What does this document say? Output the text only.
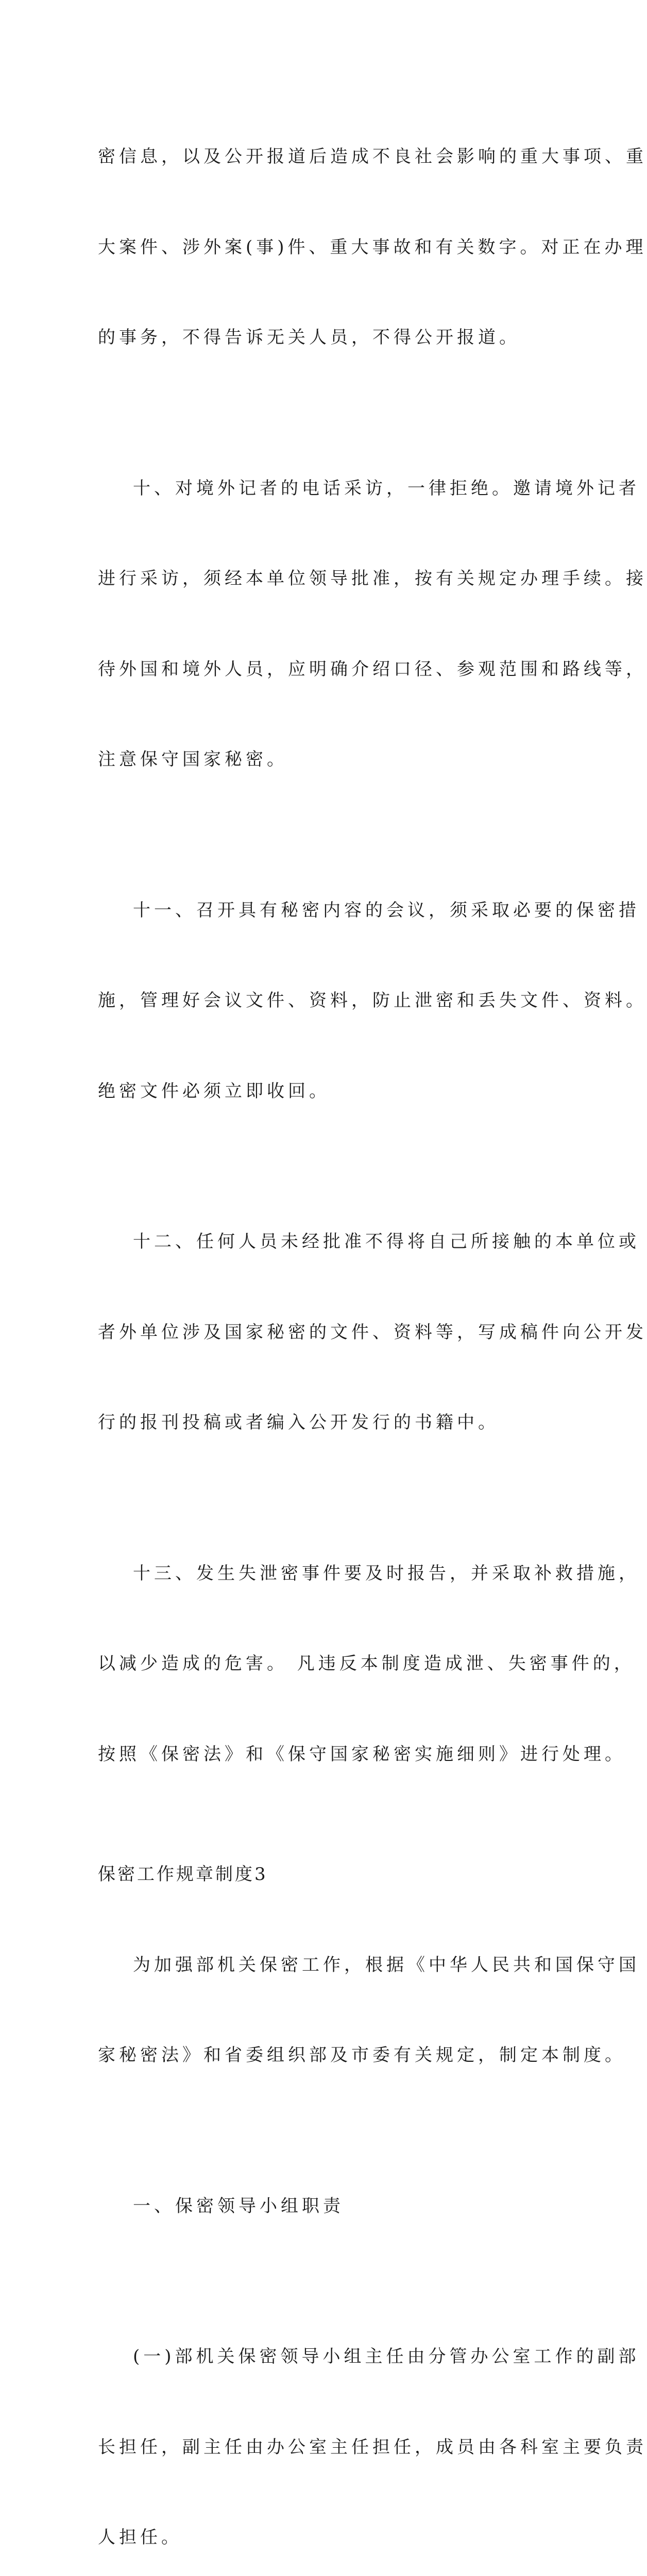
密信息，以及公开报道后造成不良社会影响的重大事项、重

大案件、涉外案(事)件、重大事故和有关数字。对正在办理

的事务，不得告诉无关人员，不得公开报道。

十、对境外记者的电话采访，一律拒绝。邀请境外记者

进行采访，须经本单位领导批准，按有关规定办理手续。接

待外国和境外人员，应明确介绍口径、参观范围和路线等，

注意保守国家秘密。

十一、召开具有秘密内容的会议，须采取必要的保密措

施，管理好会议文件、资料，防止泄密和丢失文件、资料。

绝密文件必须立即收回。

十二、任何人员未经批准不得将自己所接触的本单位或

者外单位涉及国家秘密的文件、资料等，写成稿件向公开发

行的报刊投稿或者编入公开发行的书籍中。

十三、发生失泄密事件要及时报告，并采取补救措施，

以减少造成的危害。 凡违反本制度造成泄、失密事件的，

按照《保密法》和《保守国家秘密实施细则》进行处理。

保密工作规章制度3

为加强部机关保密工作，根据《中华人民共和国保守国

家秘密法》和省委组织部及市委有关规定，制定本制度。

一、保密领导小组职责

(一)部机关保密领导小组主任由分管办公室工作的副部

长担任，副主任由办公室主任担任，成员由各科室主要负责

人担任。
